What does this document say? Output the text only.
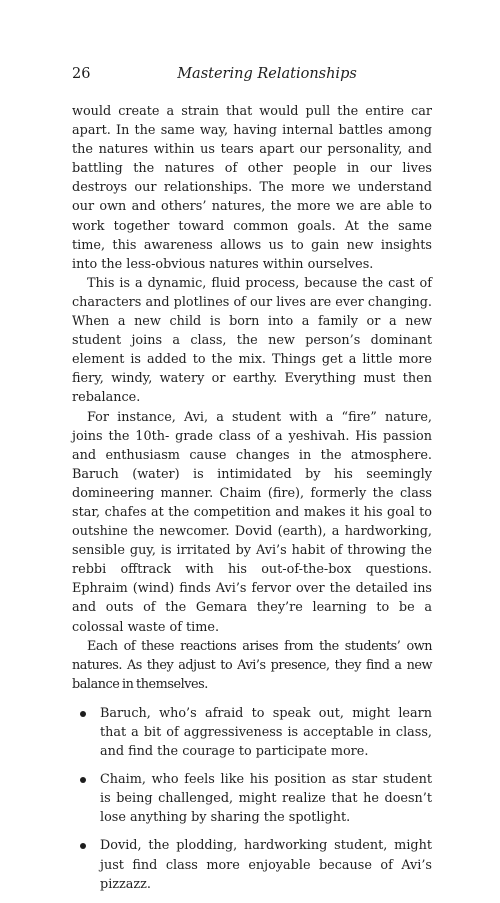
26	Mastering Relationships

would create a strain that would pull the entire car apart. In the same way, having internal battles among the natures within us tears apart our personality, and battling the natures of other people in our lives destroys our relationships. The more we understand our own and others’ natures, the more we are able to work together toward common goals. At the same time, this awareness allows us to gain new insights into the less-obvious natures within ourselves.

This is a dynamic, fluid process, because the cast of characters and plotlines of our lives are ever changing. When a new child is born into a family or a new student joins a class, the new person’s dominant element is added to the mix. Things get a little more fiery, windy, watery or earthy. Everything must then rebalance.

For instance, Avi, a student with a “fire” nature, joins the 10th- grade class of a yeshivah. His passion and enthusiasm cause changes in the atmosphere. Baruch (water) is intimidated by his seemingly domineering manner. Chaim (fire), formerly the class star, chafes at the competition and makes it his goal to outshine the newcomer. Dovid (earth), a hardworking, sensible guy, is irritated by Avi’s habit of throwing the rebbi offtrack with his out-of-the-box questions. Ephraim (wind) finds Avi’s fervor over the detailed ins and outs of the Gemara they’re learning to be a colossal waste of time.

Each of these reactions arises from the students’ own natures. As they adjust to Avi’s presence, they find a new balance in themselves.

Baruch, who’s afraid to speak out, might learn that a bit of aggressiveness is acceptable in class, and find the courage to participate more.
Chaim, who feels like his position as star student is being challenged, might realize that he doesn’t lose anything by sharing the spotlight.
Dovid, the plodding, hardworking student, might just find class more enjoyable because of Avi’s pizzazz.
